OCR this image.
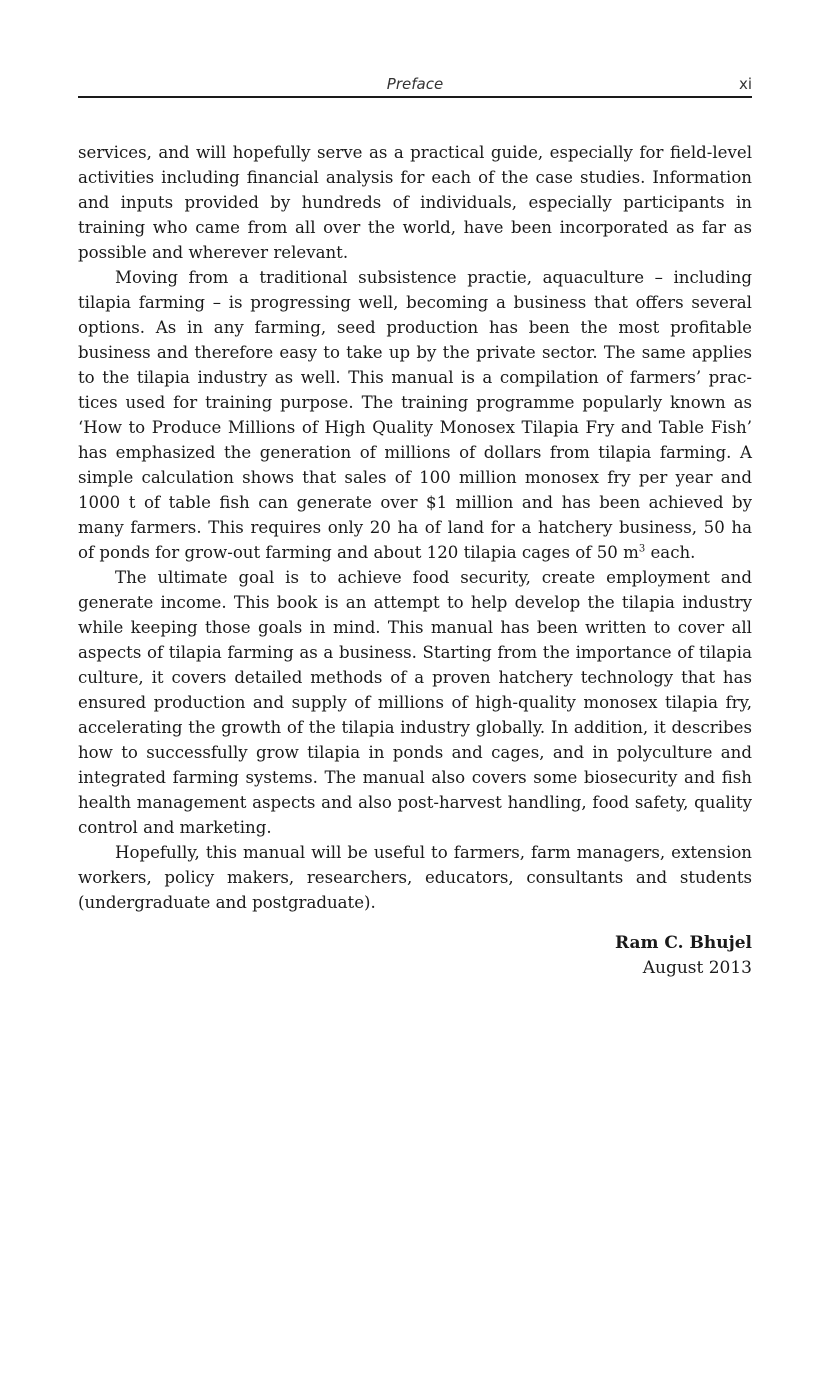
Preface	xi

services, and will hopefully serve as a practical guide, especially for field-level activities including financial analysis for each of the case studies. Information and inputs provided by hundreds of individuals, especially participants in training who came from all over the world, have been incorporated as far as possible and wherever relevant.

Moving from a traditional subsistence practie, aquaculture – including tilapia farming – is progressing well, becoming a business that offers several options. As in any farming, seed production has been the most profitable business and therefore easy to take up by the private sector. The same applies to the tilapia industry as well. This manual is a compilation of farmers’ practices used for training purpose. The training programme popularly known as ‘How to Produce Millions of High Quality Monosex Tilapia Fry and Table Fish’ has emphasized the generation of millions of dollars from tilapia farming. A simple calculation shows that sales of 100 million monosex fry per year and 1000 t of table fish can generate over $1 million and has been achieved by many farmers. This requires only 20 ha of land for a hatchery business, 50 ha of ponds for grow-out farming and about 120 tilapia cages of 50 $m^3$ each.

The ultimate goal is to achieve food security, create employment and generate income. This book is an attempt to help develop the tilapia industry while keeping those goals in mind. This manual has been written to cover all aspects of tilapia farming as a business. Starting from the importance of tilapia culture, it covers detailed methods of a proven hatchery technology that has ensured production and supply of millions of high-quality monosex tilapia fry, accelerating the growth of the tilapia industry globally. In addition, it describes how to successfully grow tilapia in ponds and cages, and in polyculture and integrated farming systems. The manual also covers some biosecurity and fish health management aspects and also post-harvest handling, food safety, quality control and marketing.

Hopefully, this manual will be useful to farmers, farm managers, extension workers, policy makers, researchers, educators, consultants and students (undergraduate and postgraduate).

Ram C. Bhujel
August 2013
